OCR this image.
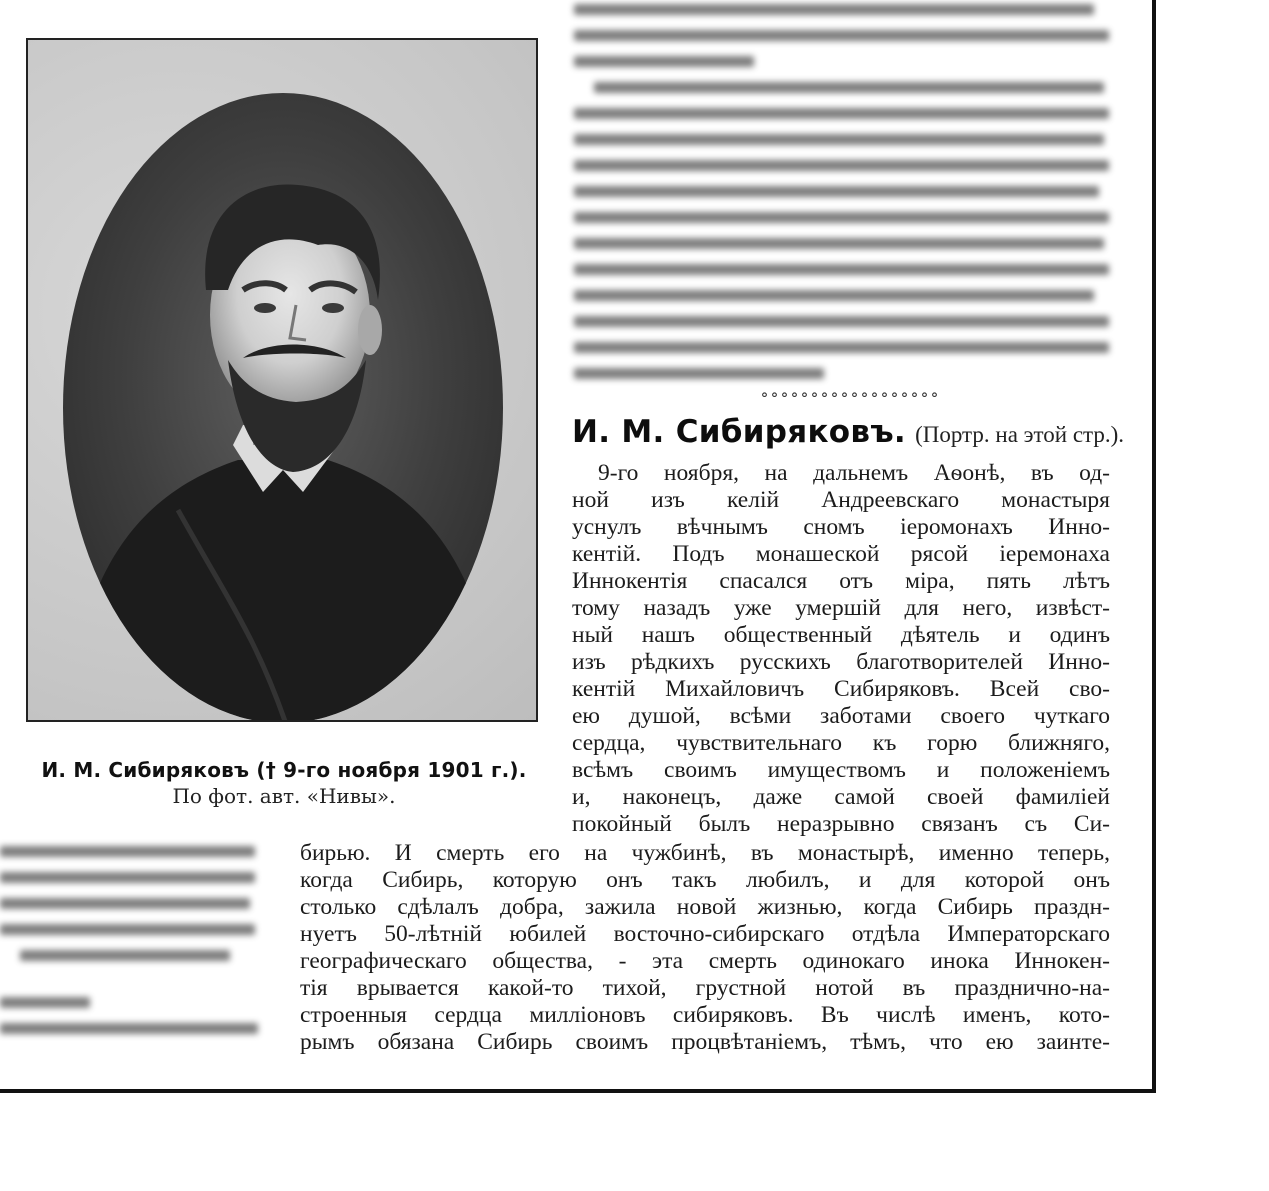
И. М. Сибиряковъ († 9-го ноября 1901 г.).
По фот. авт. «Нивы».
˚˚˚˚˚˚˚˚˚˚˚˚˚˚˚˚˚˚
И. М. Сибиряковъ. (Портр. на этой стр.).
9-го ноября, на дальнемъ Аѳонѣ, въ од-
ной изъ келій Андреевскаго монастыря
уснулъ вѣчнымъ сномъ іеромонахъ Инно-
кентій. Подъ монашеской рясой іеремонаха
Иннокентія спасался отъ міра, пять лѣтъ
тому назадъ уже умершій для него, извѣст-
ный нашъ общественный дѣятель и одинъ
изъ рѣдкихъ русскихъ благотворителей Инно-
кентій Михайловичъ Сибиряковъ. Всей сво-
ею душой, всѣми заботами своего чуткаго
сердца, чувствительнаго къ горю ближняго,
всѣмъ своимъ имуществомъ и положеніемъ
и, наконецъ, даже самой своей фамиліей
покойный былъ неразрывно связанъ съ Си-
бирью. И смерть его на чужбинѣ, въ монастырѣ, именно теперь,
когда Сибирь, которую онъ такъ любилъ, и для которой онъ
столько сдѣлалъ добра, зажила новой жизнью, когда Сибирь праздн-
нуетъ 50-лѣтній юбилей восточно-сибирскаго отдѣла Императорскаго
географическаго общества, - эта смерть одинокаго инока Иннокен-
тія врывается какой-то тихой, грустной нотой въ празднично-на-
строенныя сердца милліоновъ сибиряковъ. Въ числѣ именъ, кото-
рымъ обязана Сибирь своимъ процвѣтаніемъ, тѣмъ, что ею заинте-
